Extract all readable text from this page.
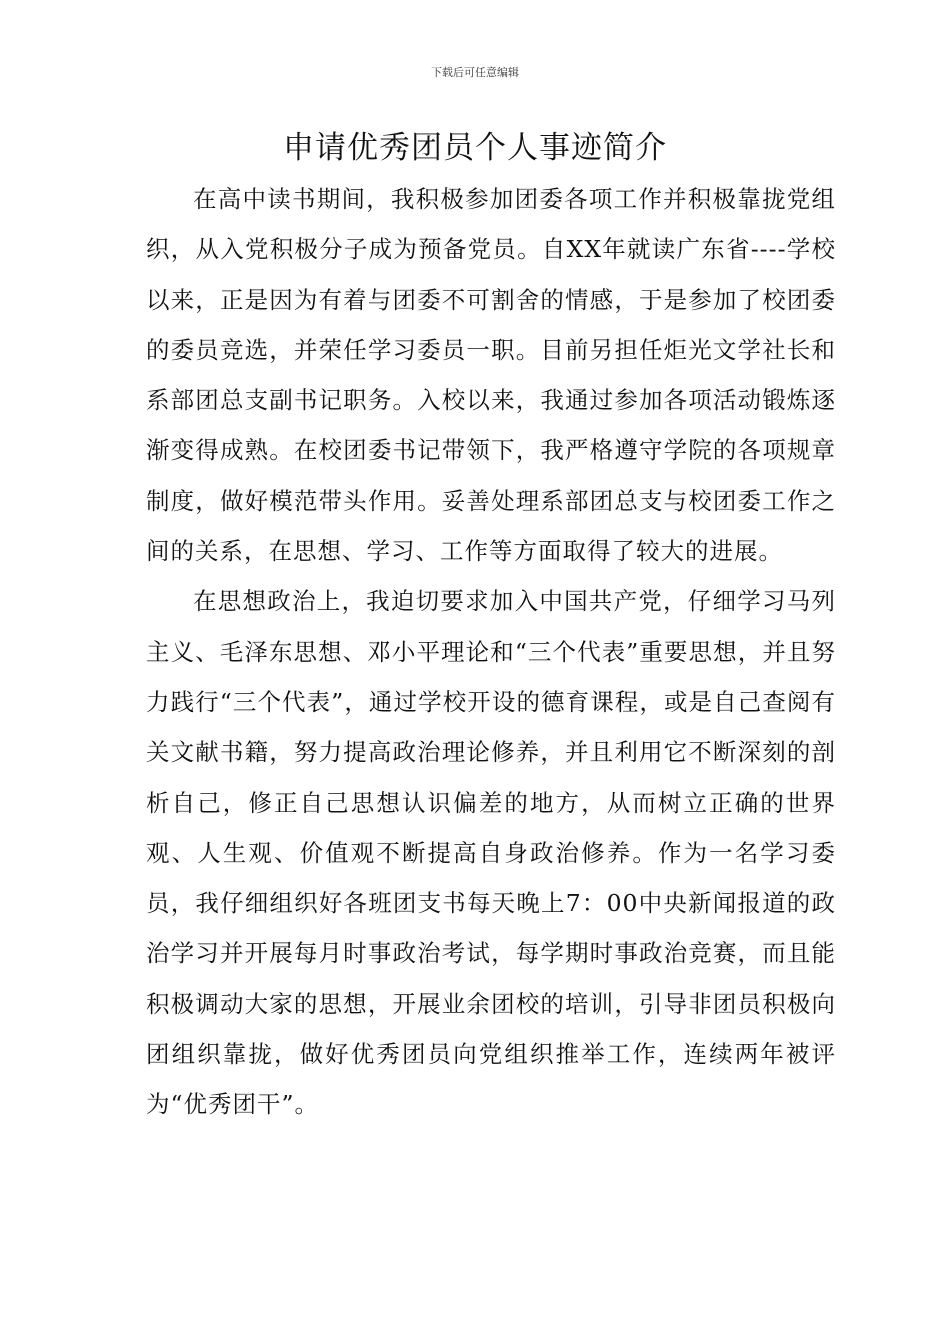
下载后可任意编辑
申请优秀团员个人事迹简介

在高中读书期间，我积极参加团委各项工作并积极靠拢党组织，从入党积极分子成为预备党员。自XX年就读广东省----学校以来，正是因为有着与团委不可割舍的情感，于是参加了校团委的委员竞选，并荣任学习委员一职。目前另担任炬光文学社长和系部团总支副书记职务。入校以来，我通过参加各项活动锻炼逐渐变得成熟。在校团委书记带领下，我严格遵守学院的各项规章制度，做好模范带头作用。妥善处理系部团总支与校团委工作之间的关系，在思想、学习、工作等方面取得了较大的进展。

在思想政治上，我迫切要求加入中国共产党，仔细学习马列主义、毛泽东思想、邓小平理论和“三个代表”重要思想，并且努力践行“三个代表”，通过学校开设的德育课程，或是自己查阅有关文献书籍，努力提高政治理论修养，并且利用它不断深刻的剖析自己，修正自己思想认识偏差的地方，从而树立正确的世界观、人生观、价值观不断提高自身政治修养。作为一名学习委员，我仔细组织好各班团支书每天晚上7：00中央新闻报道的政治学习并开展每月时事政治考试，每学期时事政治竞赛，而且能积极调动大家的思想，开展业余团校的培训，引导非团员积极向团组织靠拢，做好优秀团员向党组织推举工作，连续两年被评为“优秀团干”。
